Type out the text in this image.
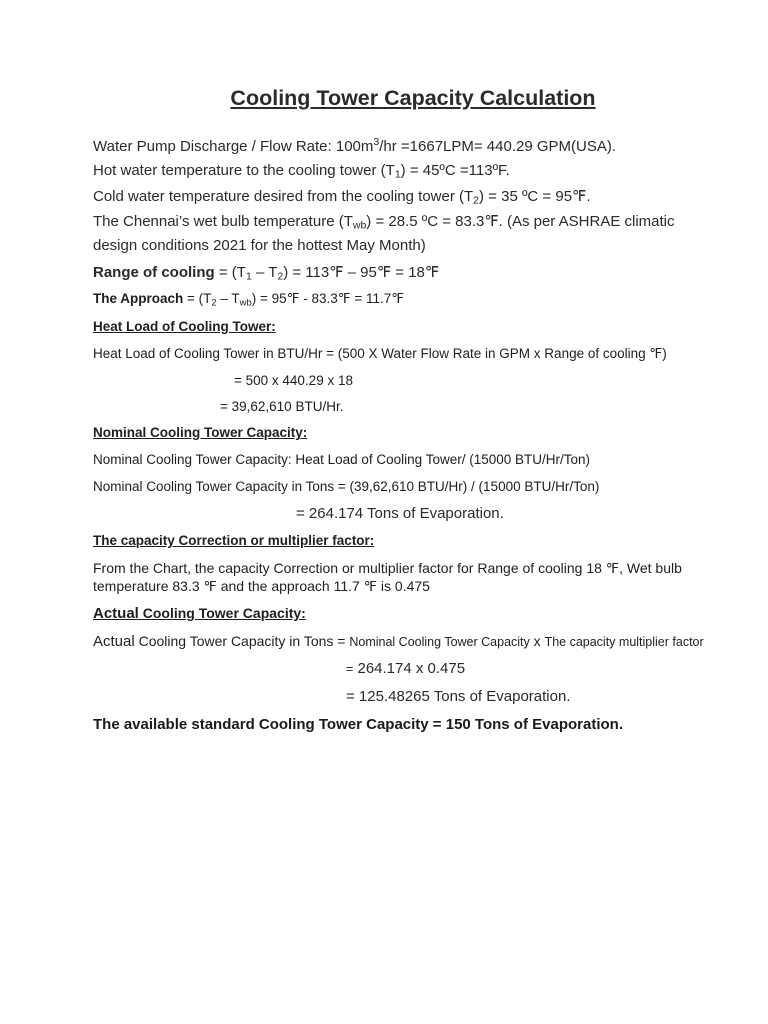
Cooling Tower Capacity Calculation
Water Pump Discharge / Flow Rate: $100m^3/hr =1667LPM= 440.29$ GPM(USA).
Hot water temperature to the cooling tower $(T_1)$ = 45ºC =113ºF.
Cold water temperature desired from the cooling tower $(T_2) = 35$ ºC = 95℉.
The Chennai’s wet bulb temperature $(T_{wb}) = 28.5$ ºC = 83.3℉. (As per ASHRAE climatic
design conditions 2021 for the hottest May Month)
Range of cooling = $(T_1 - T_2)$ = 113℉ – 95℉ = 18℉
The Approach = $(T_2 - T_{wb})$ = 95℉ - 83.3℉ = 11.7℉
Heat Load of Cooling Tower:
Heat Load of Cooling Tower in BTU/Hr = (500 X Water Flow Rate in GPM x Range of cooling ℉)
= 500 x 440.29 x 18
= 39,62,610 BTU/Hr.
Nominal Cooling Tower Capacity:
Nominal Cooling Tower Capacity: Heat Load of Cooling Tower/ (15000 BTU/Hr/Ton)
Nominal Cooling Tower Capacity in Tons = (39,62,610 BTU/Hr) / (15000 BTU/Hr/Ton)
= 264.174 Tons of Evaporation.
The capacity Correction or multiplier factor:
From the Chart, the capacity Correction or multiplier factor for Range of cooling 18 ℉, Wet bulb
temperature 83.3 ℉ and the approach 11.7 ℉ is 0.475
Actual Cooling Tower Capacity:
Actual Cooling Tower Capacity in Tons = Nominal Cooling Tower Capacity x The capacity multiplier factor
= 264.174 x 0.475
= 125.48265 Tons of Evaporation.
The available standard Cooling Tower Capacity = 150 Tons of Evaporation.
